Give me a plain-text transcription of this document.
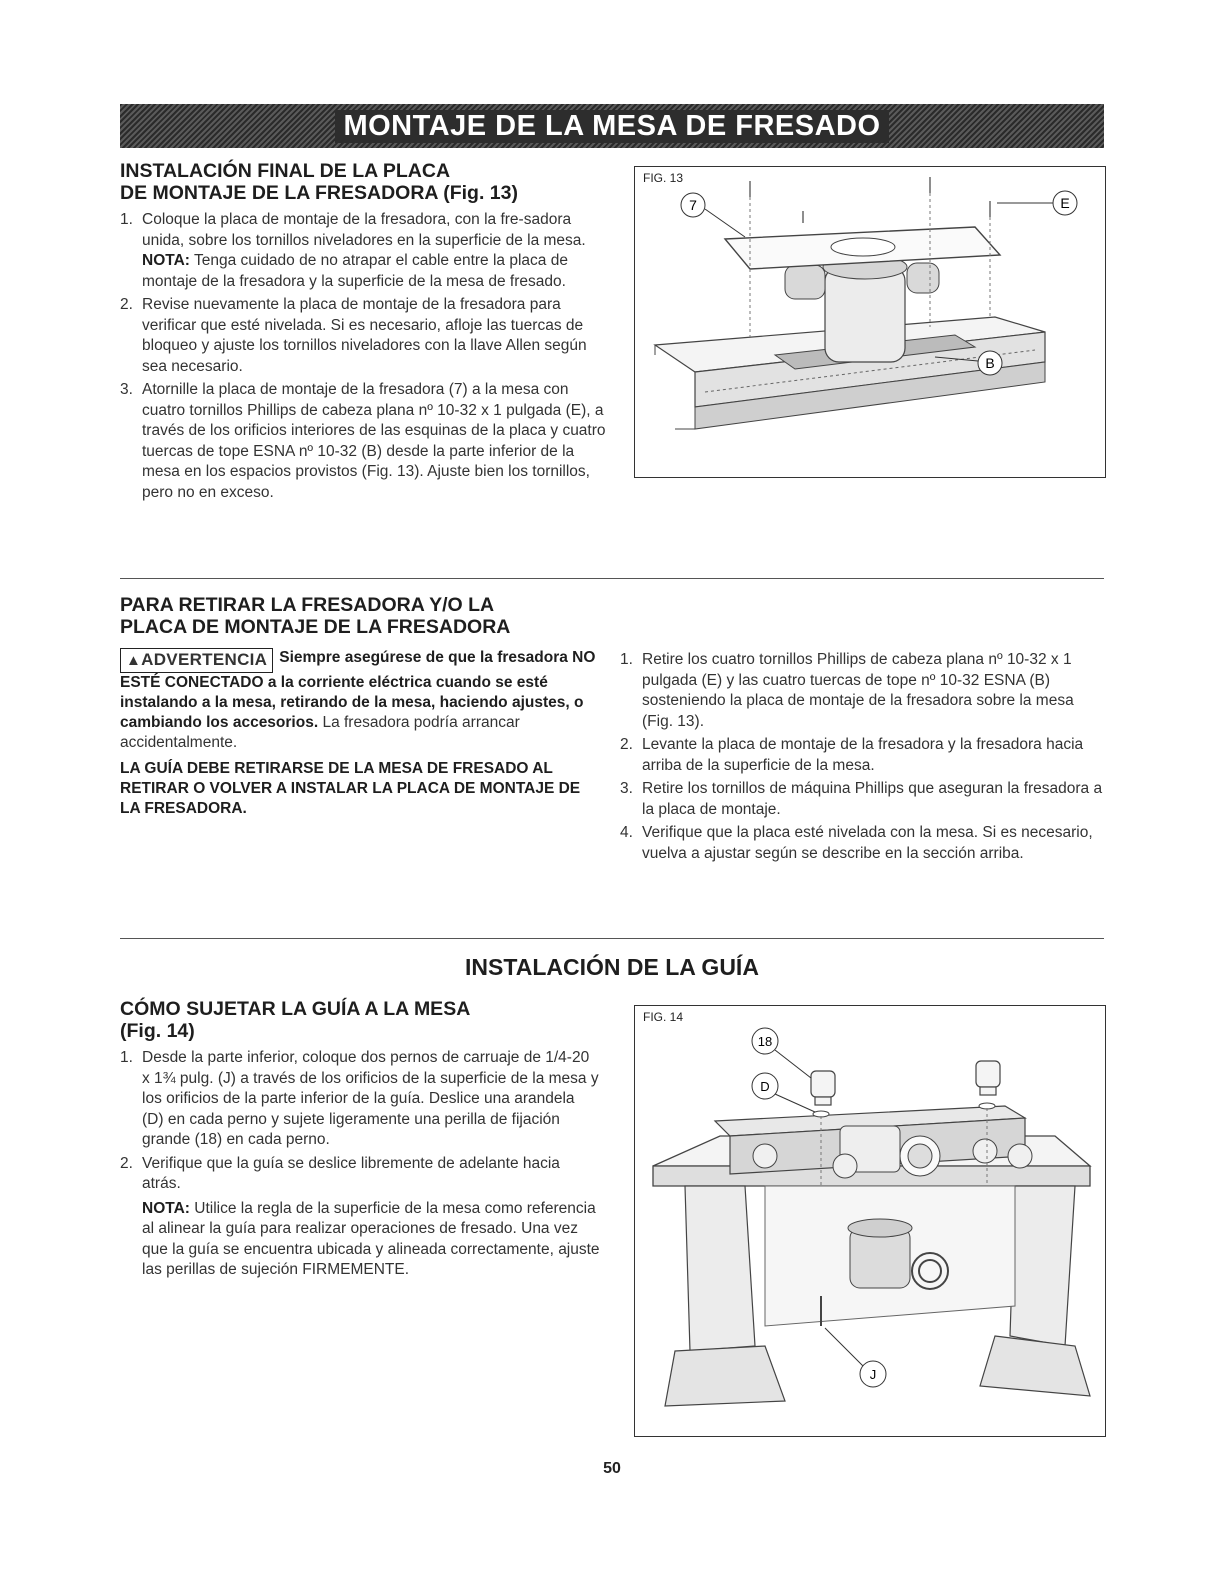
MONTAJE DE LA MESA DE FRESADO

INSTALACIÓN FINAL DE LA PLACA

DE MONTAJE DE LA FRESADORA (Fig. 13)

1. Coloque la placa de montaje de la fresadora, con la fre-sadora unida, sobre los tornillos niveladores en la superficie de la mesa. NOTA: Tenga cuidado de no atrapar el cable entre la placa de montaje de la fresadora y la superficie de la mesa de fresado.
2. Revise nuevamente la placa de montaje de la fresadora para verificar que esté nivelada. Si es necesario, afloje las tuercas de bloqueo y ajuste los tornillos niveladores con la llave Allen según sea necesario.
3. Atornille la placa de montaje de la fresadora (7) a la mesa con cuatro tornillos Phillips de cabeza plana nº 10-32 x 1 pulgada (E), a través de los orificios interiores de las esquinas de la placa y cuatro tuercas de tope ESNA nº 10-32 (B) desde la parte inferior de la mesa en los espacios provistos (Fig. 13). Ajuste bien los tornillos, pero no en exceso.
FIG. 13
7	E
B

PARA RETIRAR LA FRESADORA Y/O LA

PLACA DE MONTAJE DE LA FRESADORA

▲ADVERTENCIA Siempre asegúrese de que la fresadora NO ESTÉ CONECTADO a la corriente eléctrica cuando se esté instalando a la mesa, retirando de la mesa, haciendo ajustes, o cambiando los accesorios. La fresadora podría arrancar accidentalmente.

LA GUÍA DEBE RETIRARSE DE LA MESA DE FRESADO AL RETIRAR O VOLVER A INSTALAR LA PLACA DE MONTAJE DE LA FRESADORA.

1. Retire los cuatro tornillos Phillips de cabeza plana nº 10-32 x 1 pulgada (E) y las cuatro tuercas de tope nº 10-32 ESNA (B) sosteniendo la placa de montaje de la fresadora sobre la mesa (Fig. 13).
2. Levante la placa de montaje de la fresadora y la fresadora hacia arriba de la superficie de la mesa.
3. Retire los tornillos de máquina Phillips que aseguran la fresadora a la placa de montaje.
4. Verifique que la placa esté nivelada con la mesa. Si es necesario, vuelva a ajustar según se describe en la sección arriba.

INSTALACIÓN DE LA GUÍA

CÓMO SUJETAR LA GUÍA A LA MESA

(Fig. 14)

1. Desde la parte inferior, coloque dos pernos de carruaje de 1/4-20 x 1¾ pulg. (J) a través de los orificios de la superficie de la mesa y los orificios de la parte inferior de la guía. Deslice una arandela (D) en cada perno y sujete ligeramente una perilla de fijación grande (18) en cada perno.
2. Verifique que la guía se deslice libremente de adelante hacia atrás.
NOTA: Utilice la regla de la superficie de la mesa como referencia al alinear la guía para realizar operaciones de fresado. Una vez que la guía se encuentra ubicada y alineada correctamente, ajuste las perillas de sujeción FIRMEMENTE.
FIG. 14
18
D
J
50
